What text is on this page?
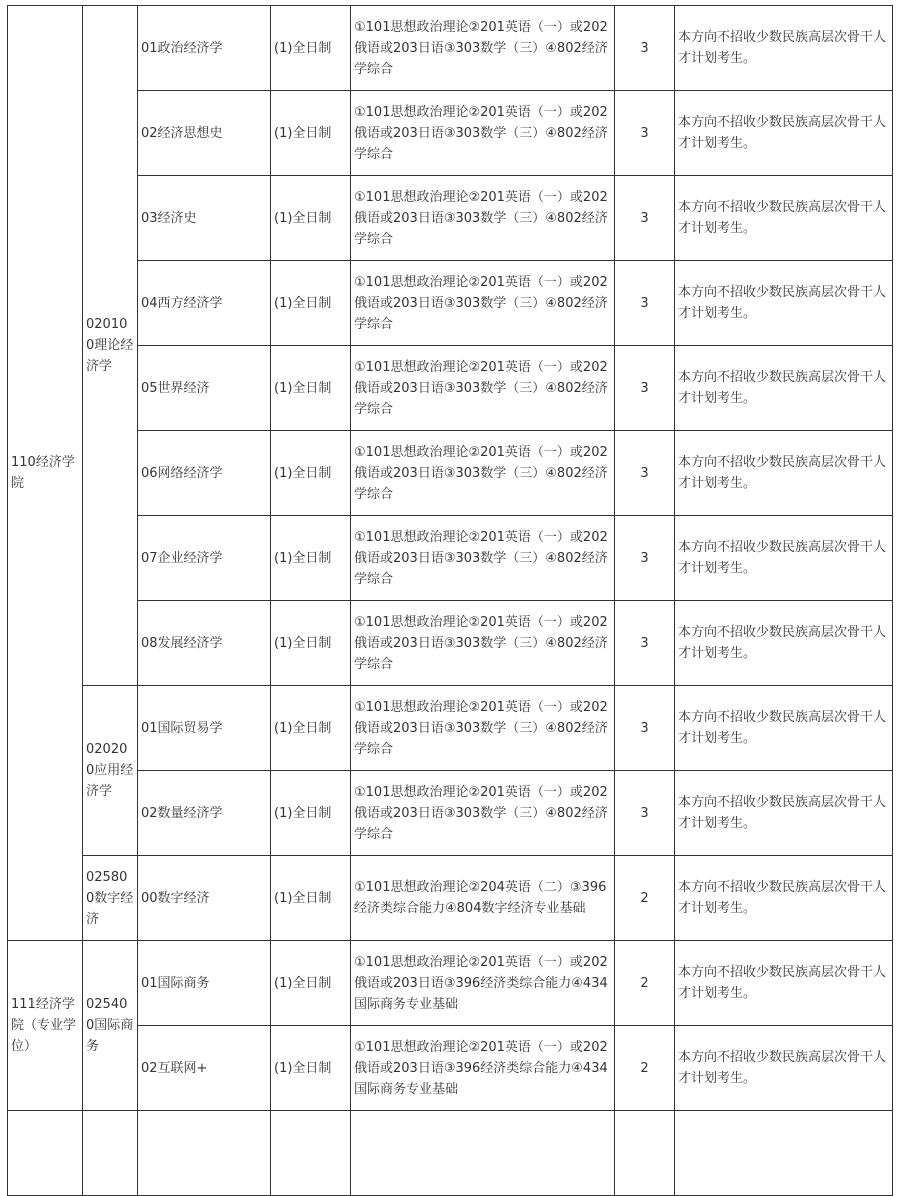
110经济学院	020100理论经济学	01政治经济学	(1)全日制	①101思想政治理论②201英语（一）或202俄语或203日语③303数学（三）④802经济学综合	3	本方向不招收少数民族高层次骨干人才计划考生。
		02经济思想史	(1)全日制	①101思想政治理论②201英语（一）或202俄语或203日语③303数学（三）④802经济学综合	3	本方向不招收少数民族高层次骨干人才计划考生。
		03经济史	(1)全日制	①101思想政治理论②201英语（一）或202俄语或203日语③303数学（三）④802经济学综合	3	本方向不招收少数民族高层次骨干人才计划考生。
		04西方经济学	(1)全日制	①101思想政治理论②201英语（一）或202俄语或203日语③303数学（三）④802经济学综合	3	本方向不招收少数民族高层次骨干人才计划考生。
		05世界经济	(1)全日制	①101思想政治理论②201英语（一）或202俄语或203日语③303数学（三）④802经济学综合	3	本方向不招收少数民族高层次骨干人才计划考生。
		06网络经济学	(1)全日制	①101思想政治理论②201英语（一）或202俄语或203日语③303数学（三）④802经济学综合	3	本方向不招收少数民族高层次骨干人才计划考生。
		07企业经济学	(1)全日制	①101思想政治理论②201英语（一）或202俄语或203日语③303数学（三）④802经济学综合	3	本方向不招收少数民族高层次骨干人才计划考生。
		08发展经济学	(1)全日制	①101思想政治理论②201英语（一）或202俄语或203日语③303数学（三）④802经济学综合	3	本方向不招收少数民族高层次骨干人才计划考生。
	020200应用经济学	01国际贸易学	(1)全日制	①101思想政治理论②201英语（一）或202俄语或203日语③303数学（三）④802经济学综合	3	本方向不招收少数民族高层次骨干人才计划考生。
		02数量经济学	(1)全日制	①101思想政治理论②201英语（一）或202俄语或203日语③303数学（三）④802经济学综合	3	本方向不招收少数民族高层次骨干人才计划考生。
	025800数字经济	00数字经济	(1)全日制	①101思想政治理论②204英语（二）③396经济类综合能力④804数字经济专业基础	2	本方向不招收少数民族高层次骨干人才计划考生。
111经济学院（专业学位）	025400国际商务	01国际商务	(1)全日制	①101思想政治理论②201英语（一）或202俄语或203日语③396经济类综合能力④434国际商务专业基础	2	本方向不招收少数民族高层次骨干人才计划考生。
		02互联网+	(1)全日制	①101思想政治理论②201英语（一）或202俄语或203日语③396经济类综合能力④434国际商务专业基础	2	本方向不招收少数民族高层次骨干人才计划考生。
